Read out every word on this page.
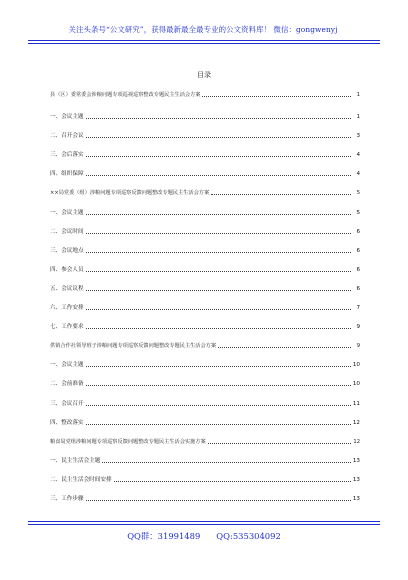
关注头条号“公文研究”，获得最新最全最专业的公文资料库！ 微信：gongwenyj
目录
县（区）委常委会涉粮问题专项巡视巡察整改专题民主生活会方案	1
一、会议主题	1
二、召开会议	3
三、会后落实	4
四、组织保障	4
××局党委（组）涉粮问题专项巡察反馈问题整改专题民主生活会方案	5
一、会议主题	5
二、会议时间	6
三、会议地点	6
四、参会人员	6
五、会议议程	6
六、工作安排	7
七、工作要求	9
供销合作社领导班子涉粮问题专项巡察反馈问题整改专题民主生活会方案	9
一、会议主题	10
二、会前准备	10
三、会议召开	11
四、整改落实	12
粮食局党组涉粮问题专项巡察反馈问题整改专题民主生活会实施方案	12
一、民主生活会主题	13
二、民主生活会时间安排	13
三、工作步骤	13
QQ群：31991489 QQ:535304092
